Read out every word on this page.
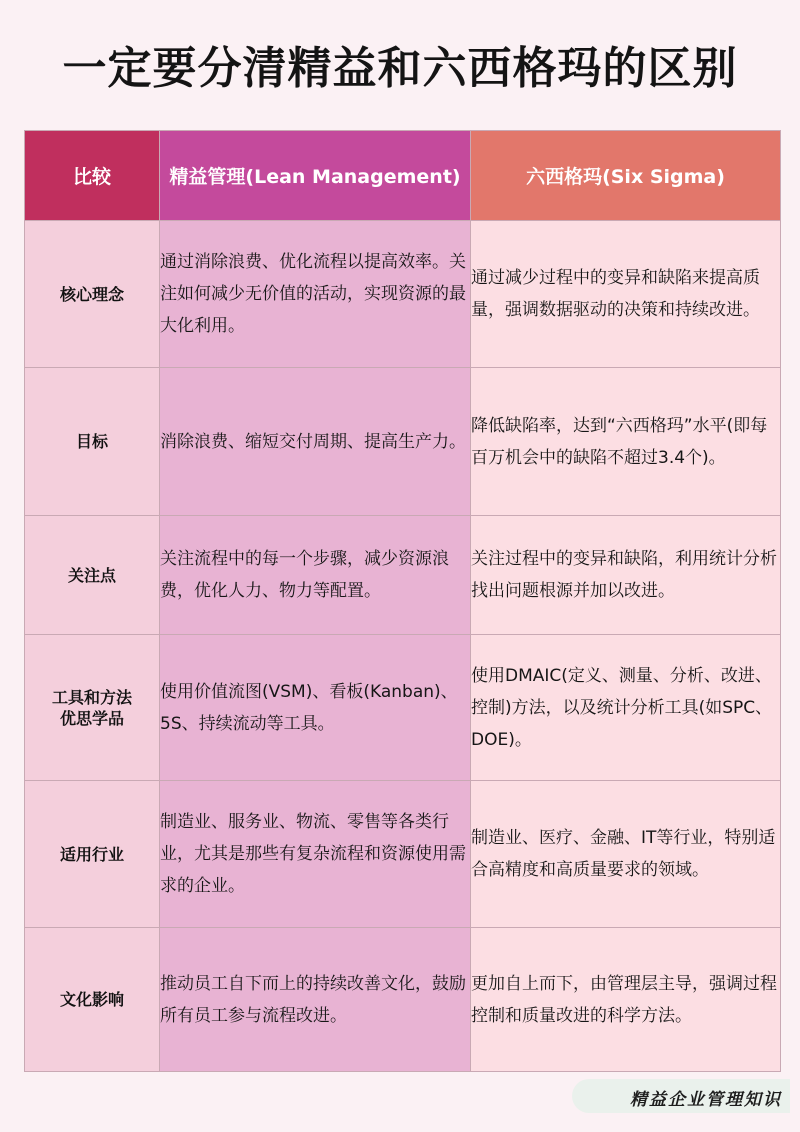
一定要分清精益和六西格玛的区别
比较	精益管理(Lean Management)	六西格玛(Six Sigma)

核心理念	通过消除浪费、优化流程以提高效率。关注如何减少无价值的活动，实现资源的最大化利用。	通过减少过程中的变异和缺陷来提高质量，强调数据驱动的决策和持续改进。

目标	消除浪费、缩短交付周期、提高生产力。	降低缺陷率，达到“六西格玛”水平(即每百万机会中的缺陷不超过3.4个)。

关注点	关注流程中的每一个步骤，减少资源浪费，优化人力、物力等配置。	关注过程中的变异和缺陷，利用统计分析找出问题根源并加以改进。

工具和方法
优思学品	使用价值流图(VSM)、看板(Kanban)、5S、持续流动等工具。	使用DMAIC(定义、测量、分析、改进、控制)方法，以及统计分析工具(如SPC、DOE)。

适用行业	制造业、服务业、物流、零售等各类行业，尤其是那些有复杂流程和资源使用需求的企业。	制造业、医疗、金融、IT等行业，特别适合高精度和高质量要求的领域。

文化影响	推动员工自下而上的持续改善文化，鼓励所有员工参与流程改进。	更加自上而下，由管理层主导，强调过程控制和质量改进的科学方法。
精益企业管理知识
